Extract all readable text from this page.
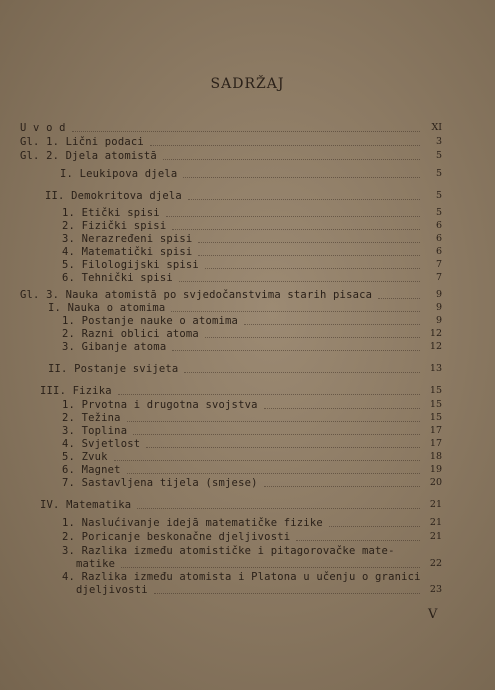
SADRŽAJ
U v o d	XI
Gl. 1. Lični podaci	3
Gl. 2. Djela atomistā	5
I. Leukipova djela	5
II. Demokritova djela	5
1. Etički spisi	5
2. Fizički spisi	6
3. Nerazređeni spisi	6
4. Matematički spisi	6
5. Filologijski spisi	7
6. Tehnički spisi	7
Gl. 3. Nauka atomistā po svjedočanstvima starih pisaca	9
I. Nauka o atomima	9
1. Postanje nauke o atomima	9
2. Razni oblici atoma	12
3. Gibanje atoma	12
II. Postanje svijeta	13
III. Fizika	15
1. Prvotna i drugotna svojstva	15
2. Težina	15
3. Toplina	17
4. Svjetlost	17
5. Zvuk	18
6. Magnet	19
7. Sastavljena tijela (smjese)	20
IV. Matematika	21
1. Naslućivanje idejā matematičke fizike	21
2. Poricanje beskonačne djeljivosti	21
3. Razlika između atomističke i pitagorovačke mate-
matike	22
4. Razlika između atomista i Platona u učenju o granici
djeljivosti	23
V
